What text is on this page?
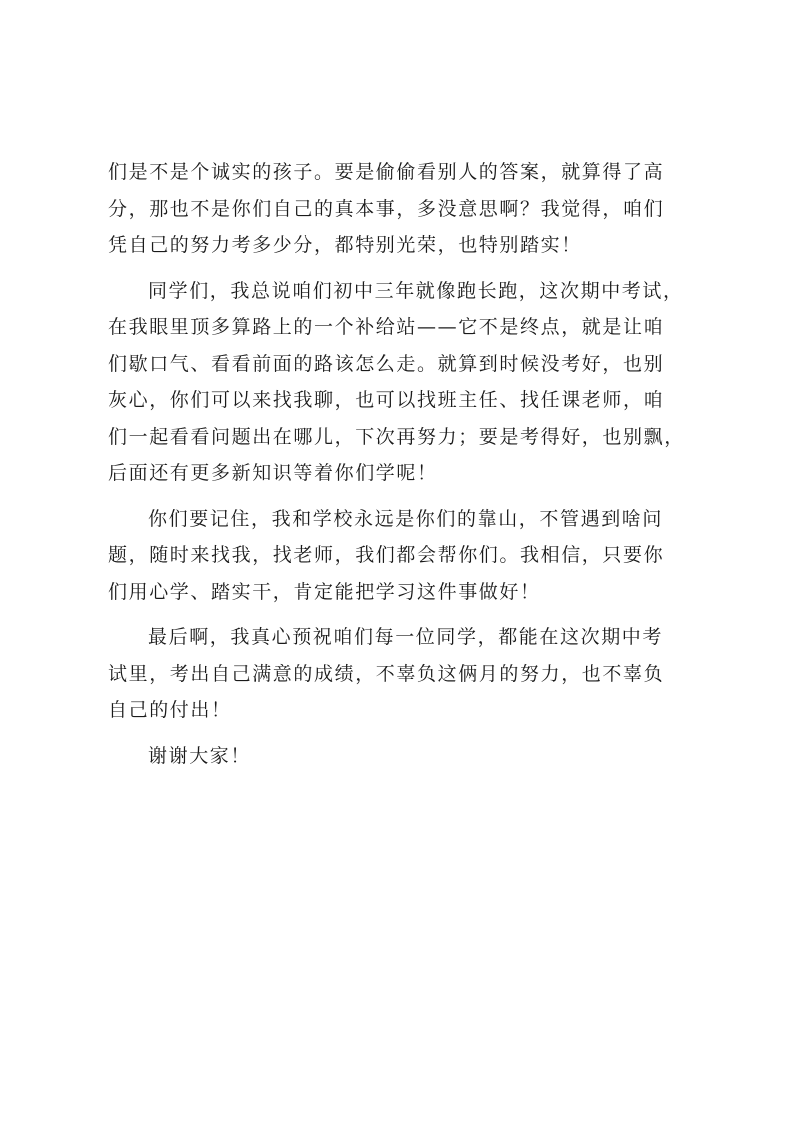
们是不是个诚实的孩子。要是偷偷看别人的答案，就算得了高
分，那也不是你们自己的真本事，多没意思啊？我觉得，咱们
凭自己的努力考多少分，都特别光荣，也特别踏实！

同学们，我总说咱们初中三年就像跑长跑，这次期中考试，
在我眼里顶多算路上的一个补给站——它不是终点，就是让咱
们歇口气、看看前面的路该怎么走。就算到时候没考好，也别
灰心，你们可以来找我聊，也可以找班主任、找任课老师，咱
们一起看看问题出在哪儿，下次再努力；要是考得好，也别飘，
后面还有更多新知识等着你们学呢！

你们要记住，我和学校永远是你们的靠山，不管遇到啥问
题，随时来找我，找老师，我们都会帮你们。我相信，只要你
们用心学、踏实干，肯定能把学习这件事做好！

最后啊，我真心预祝咱们每一位同学，都能在这次期中考
试里，考出自己满意的成绩，不辜负这俩月的努力，也不辜负
自己的付出！

谢谢大家！
